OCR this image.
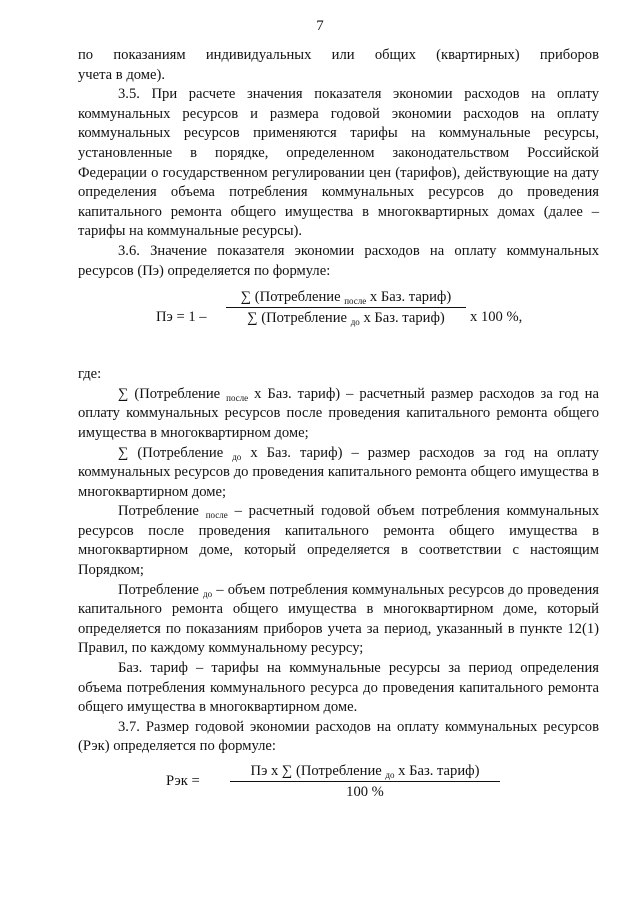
7

по показаниям индивидуальных или общих (квартирных) приборов

учета в доме).

3.5. При расчете значения показателя экономии расходов на оплату коммунальных ресурсов и размера годовой экономии расходов на оплату коммунальных ресурсов применяются тарифы на коммунальные ресурсы, установленные в порядке, определенном законодательством Российской Федерации о государственном регулировании цен (тарифов), действующие на дату определения объема потребления коммунальных ресурсов до проведения капитального ремонта общего имущества в многоквартирных домах (далее – тарифы на коммунальные ресурсы).

3.6. Значение показателя экономии расходов на оплату коммунальных ресурсов (Пэ) определяется по формуле:

Пэ = 1 –
∑ (Потребление $_{после}$ х Баз. тариф)
∑ (Потребление $_{до}$ х Баз. тариф)	х 100 %,

где:

∑ (Потребление $_{после}$ х Баз. тариф) – расчетный размер расходов за год на оплату коммунальных ресурсов после проведения капитального ремонта общего имущества в многоквартирном доме;

∑ (Потребление $_{до}$ х Баз. тариф) – размер расходов за год на оплату коммунальных ресурсов до проведения капитального ремонта общего имущества в многоквартирном доме;

Потребление $_{после}$ – расчетный годовой объем потребления коммунальных ресурсов после проведения капитального ремонта общего имущества в многоквартирном доме, который определяется в соответствии с настоящим Порядком;

Потребление $_{до}$ – объем потребления коммунальных ресурсов до проведения капитального ремонта общего имущества в многоквартирном доме, который определяется по показаниям приборов учета за период, указанный в пункте 12(1) Правил, по каждому коммунальному ресурсу;

Баз. тариф – тарифы на коммунальные ресурсы за период определения объема потребления коммунального ресурса до проведения капитального ремонта общего имущества в многоквартирном доме.

3.7. Размер годовой экономии расходов на оплату коммунальных ресурсов (Рэк) определяется по формуле:

Рэк =
Пэ х ∑ (Потребление $_{до}$ х Баз. тариф)
100 %
